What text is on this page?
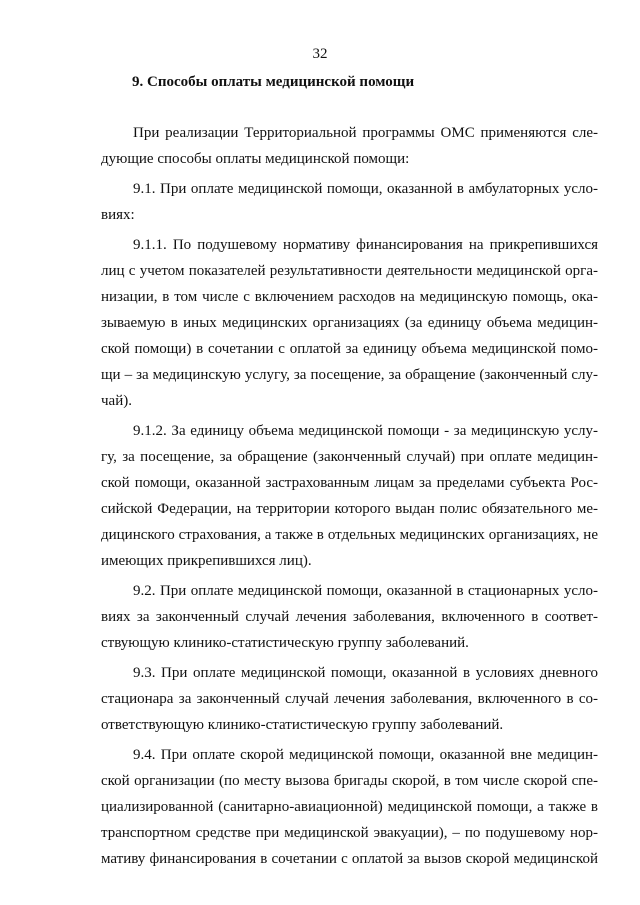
32
9. Способы оплаты медицинской помощи
При реализации Территориальной программы ОМС применяются сле-
дующие способы оплаты медицинской помощи:
9.1. При оплате медицинской помощи, оказанной в амбулаторных усло-
виях:
9.1.1. По подушевому нормативу финансирования на прикрепившихся
лиц с учетом показателей результативности деятельности медицинской орга-
низации, в том числе с включением расходов на медицинскую помощь, ока-
зываемую в иных медицинских организациях (за единицу объема медицин-
ской помощи) в сочетании с оплатой за единицу объема медицинской помо-
щи – за медицинскую услугу, за посещение, за обращение (законченный слу-
чай).
9.1.2. За единицу объема медицинской помощи - за медицинскую услу-
гу, за посещение, за обращение (законченный случай) при оплате медицин-
ской помощи, оказанной застрахованным лицам за пределами субъекта Рос-
сийской Федерации, на территории которого выдан полис обязательного ме-
дицинского страхования, а также в отдельных медицинских организациях, не
имеющих прикрепившихся лиц).
9.2. При оплате медицинской помощи, оказанной в стационарных усло-
виях за законченный случай лечения заболевания, включенного в соответ-
ствующую клинико-статистическую группу заболеваний.
9.3. При оплате медицинской помощи, оказанной в условиях дневного
стационара за законченный случай лечения заболевания, включенного в со-
ответствующую клинико-статистическую группу заболеваний.
9.4. При оплате скорой медицинской помощи, оказанной вне медицин-
ской организации (по месту вызова бригады скорой, в том числе скорой спе-
циализированной (санитарно-авиационной) медицинской помощи, а также в
транспортном средстве при медицинской эвакуации), – по подушевому нор-
мативу финансирования в сочетании с оплатой за вызов скорой медицинской
